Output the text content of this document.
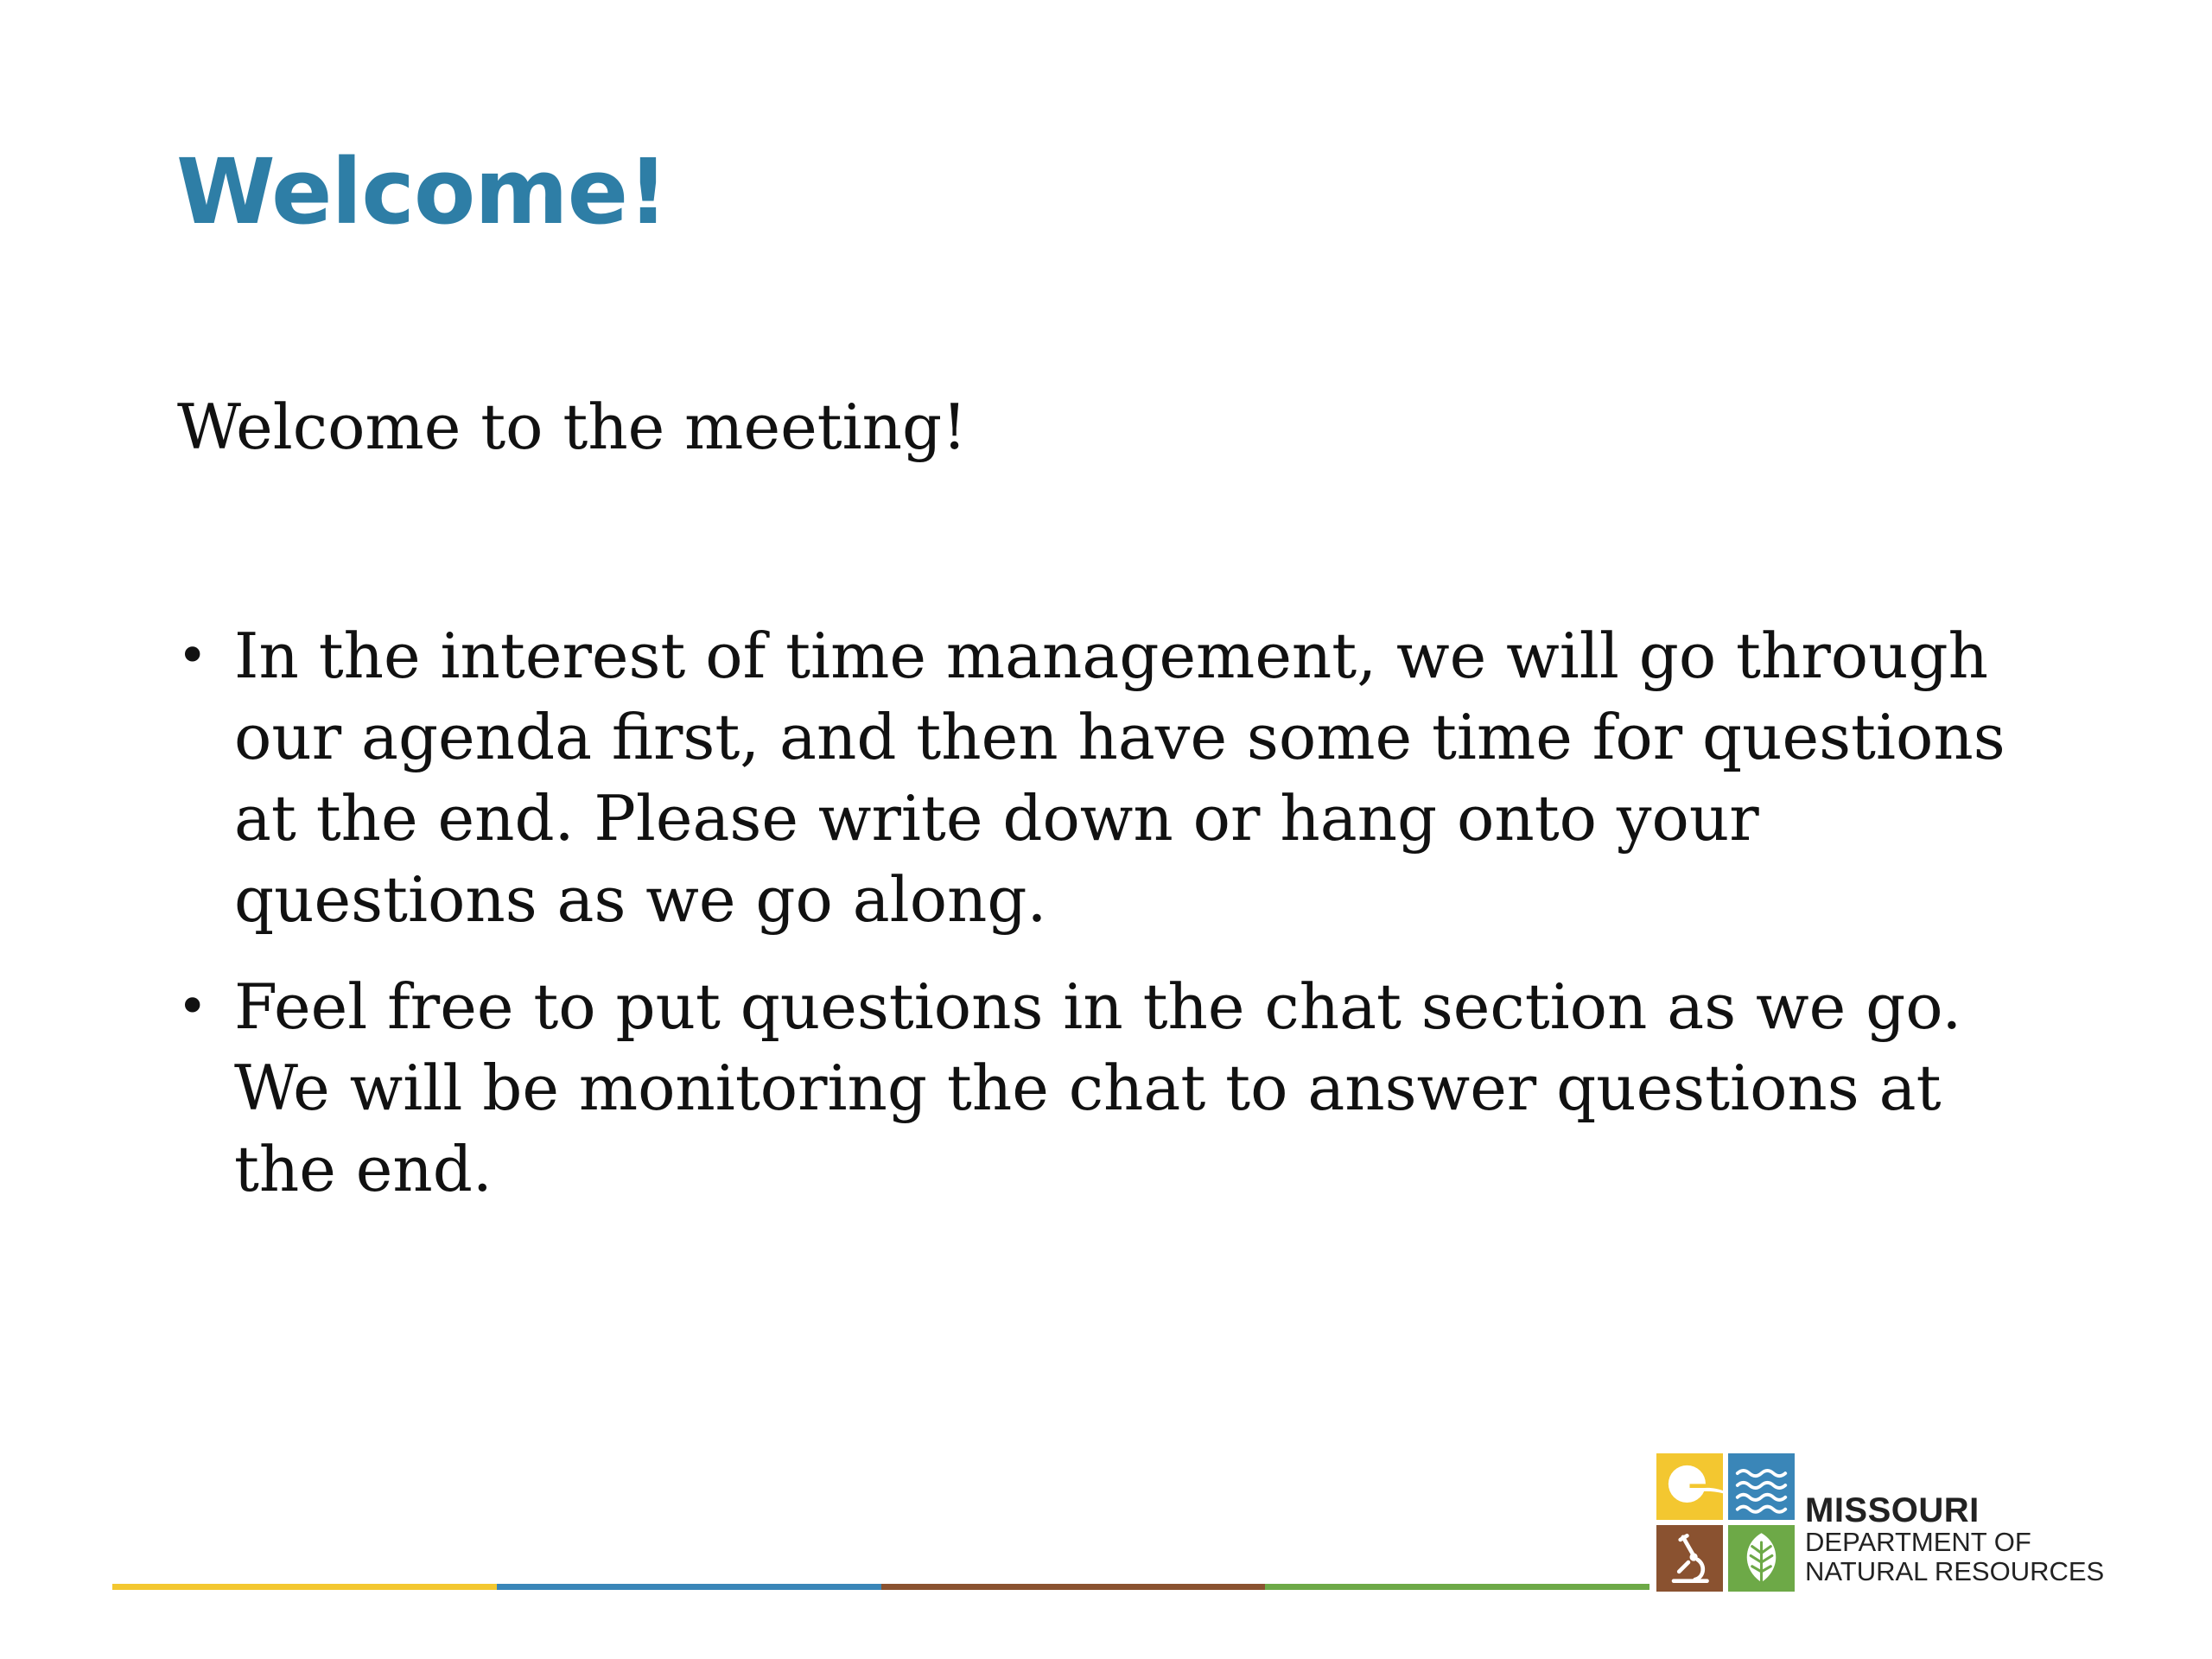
Welcome!

Welcome to the meeting!

• In the interest of time management, we will go through our agenda first, and then have some time for questions at the end. Please write down or hang onto your questions as we go along.
• Feel free to put questions in the chat section as we go. We will be monitoring the chat to answer questions at the end.
MISSOURI
DEPARTMENT OF
NATURAL RESOURCES
